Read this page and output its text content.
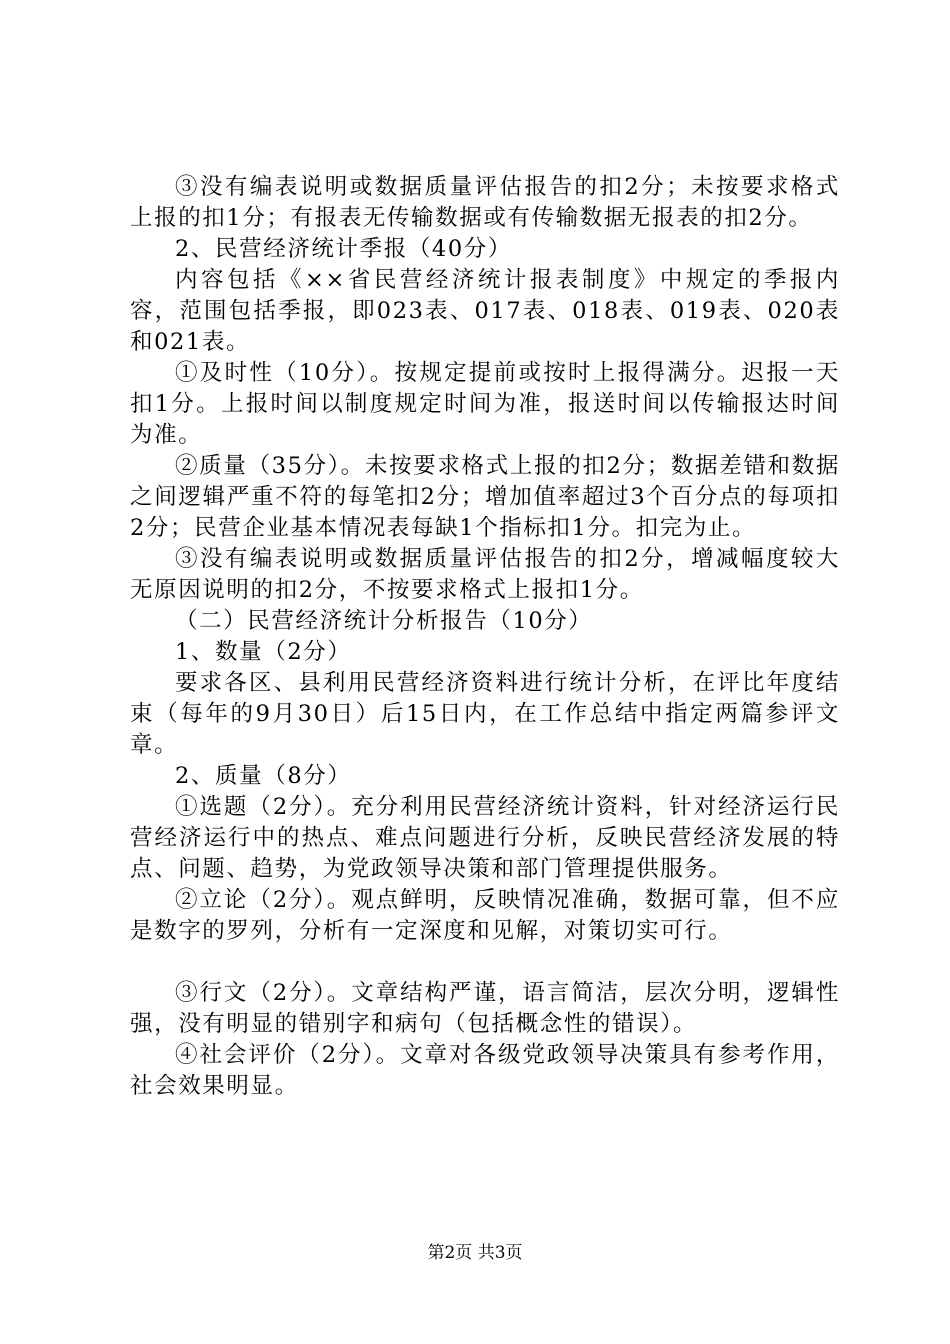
③没有编表说明或数据质量评估报告的扣2分；未按要求格式上报的扣1分；有报表无传输数据或有传输数据无报表的扣2分。

2、民营经济统计季报（40分）

内容包括《××省民营经济统计报表制度》中规定的季报内容，范围包括季报，即023表、017表、018表、019表、020表和021表。

①及时性（10分）。按规定提前或按时上报得满分。迟报一天扣1分。上报时间以制度规定时间为准，报送时间以传输报达时间为准。

②质量（35分）。未按要求格式上报的扣2分；数据差错和数据之间逻辑严重不符的每笔扣2分；增加值率超过3个百分点的每项扣2分；民营企业基本情况表每缺1个指标扣1分。扣完为止。

③没有编表说明或数据质量评估报告的扣2分，增减幅度较大无原因说明的扣2分，不按要求格式上报扣1分。

（二）民营经济统计分析报告（10分）

1、数量（2分）

要求各区、县利用民营经济资料进行统计分析，在评比年度结束（每年的9月30日）后15日内，在工作总结中指定两篇参评文章。

2、质量（8分）

①选题（2分）。充分利用民营经济统计资料，针对经济运行民营经济运行中的热点、难点问题进行分析，反映民营经济发展的特点、问题、趋势，为党政领导决策和部门管理提供服务。

②立论（2分）。观点鲜明，反映情况准确，数据可靠，但不应是数字的罗列，分析有一定深度和见解，对策切实可行。

③行文（2分）。文章结构严谨，语言简洁，层次分明，逻辑性强，没有明显的错别字和病句（包括概念性的错误）。

④社会评价（2分）。文章对各级党政领导决策具有参考作用，社会效果明显。

第2页 共3页
